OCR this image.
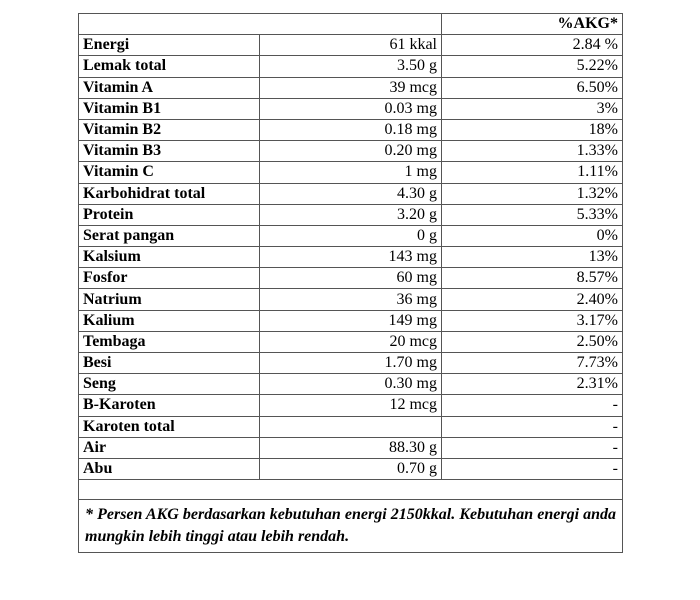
		%AKG*
Energi	61 kkal	2.84 %
Lemak total	3.50 g	5.22%
Vitamin A	39 mcg	6.50%
Vitamin B1	0.03 mg	3%
Vitamin B2	0.18 mg	18%
Vitamin B3	0.20 mg	1.33%
Vitamin C	1 mg	1.11%
Karbohidrat total	4.30 g	1.32%
Protein	3.20 g	5.33%
Serat pangan	0 g	0%
Kalsium	143 mg	13%
Fosfor	60 mg	8.57%
Natrium	36 mg	2.40%
Kalium	149 mg	3.17%
Tembaga	20 mcg	2.50%
Besi	1.70 mg	7.73%
Seng	0.30 mg	2.31%
B-Karoten	12 mcg	-
Karoten total		-
Air	88.30 g	-
Abu	0.70 g	-

* Persen AKG berdasarkan kebutuhan energi 2150kkal. Kebutuhan energi anda mungkin lebih tinggi atau lebih rendah.		
